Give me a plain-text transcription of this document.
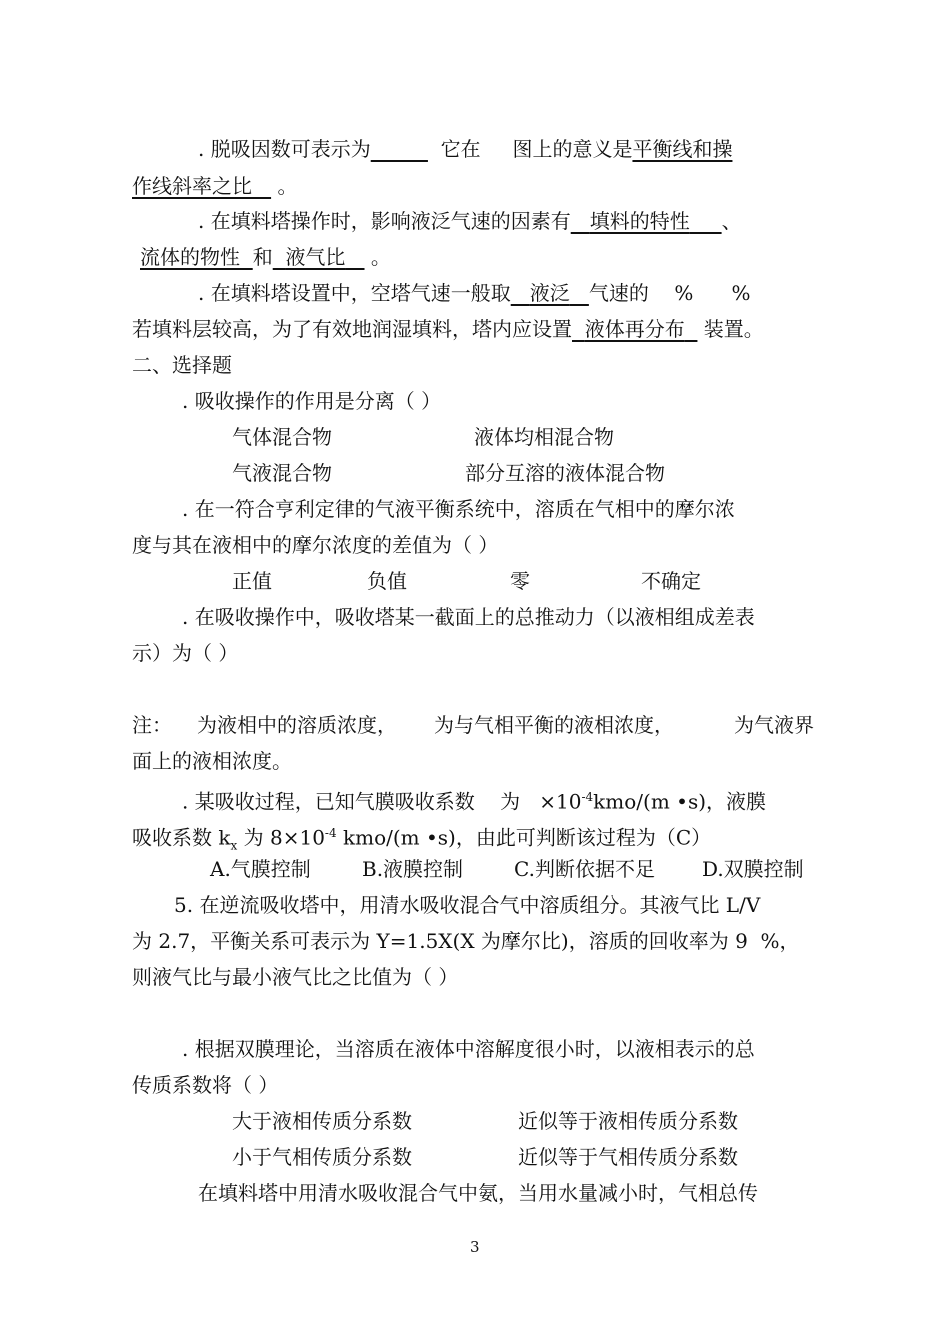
. 脱吸因数可表示为	它在 图上的意义是平衡线和操
作线斜率之比 。
. 在填料塔操作时，影响液泛气速的因素有 填料的特性 、
流体的物性 和 液气比 。
. 在填料塔设置中，空塔气速一般取 液泛 气速的 % %
若填料层较高，为了有效地润湿填料，塔内应设置 液体再分布 装置。
二、选择题
. 吸收操作的作用是分离（ ）
气体混合物	液体均相混合物
气液混合物	部分互溶的液体混合物
. 在一符合亨利定律的气液平衡系统中，溶质在气相中的摩尔浓
度与其在液相中的摩尔浓度的差值为（ ）
正值	负值	零	不确定
. 在吸收操作中，吸收塔某一截面上的总推动力（以液相组成差表
示）为（ ）
注： 为液相中的溶质浓度， 为与气相平衡的液相浓度，	为气液界
面上的液相浓度。
. 某吸收过程，已知气膜吸收系数 为 $\times 10^{-4}kmo/(m$ •s)，液膜
吸收系数 $k_x$ 为 $8\times 10^{-4}$ kmo/(m •s)，由此可判断该过程为（C）
A.气膜控制	B.液膜控制	C.判断依据不足 D.双膜控制
5. 在逆流吸收塔中，用清水吸收混合气中溶质组分。其液气比 L/V
为 2.7，平衡关系可表示为 Y=1.5X(X 为摩尔比)，溶质的回收率为 9 %，
则液气比与最小液气比之比值为（ ）
. 根据双膜理论，当溶质在液体中溶解度很小时，以液相表示的总
传质系数将（ ）
大于液相传质分系数	近似等于液相传质分系数
小于气相传质分系数	近似等于气相传质分系数
在填料塔中用清水吸收混合气中氨，当用水量减小时，气相总传
3
